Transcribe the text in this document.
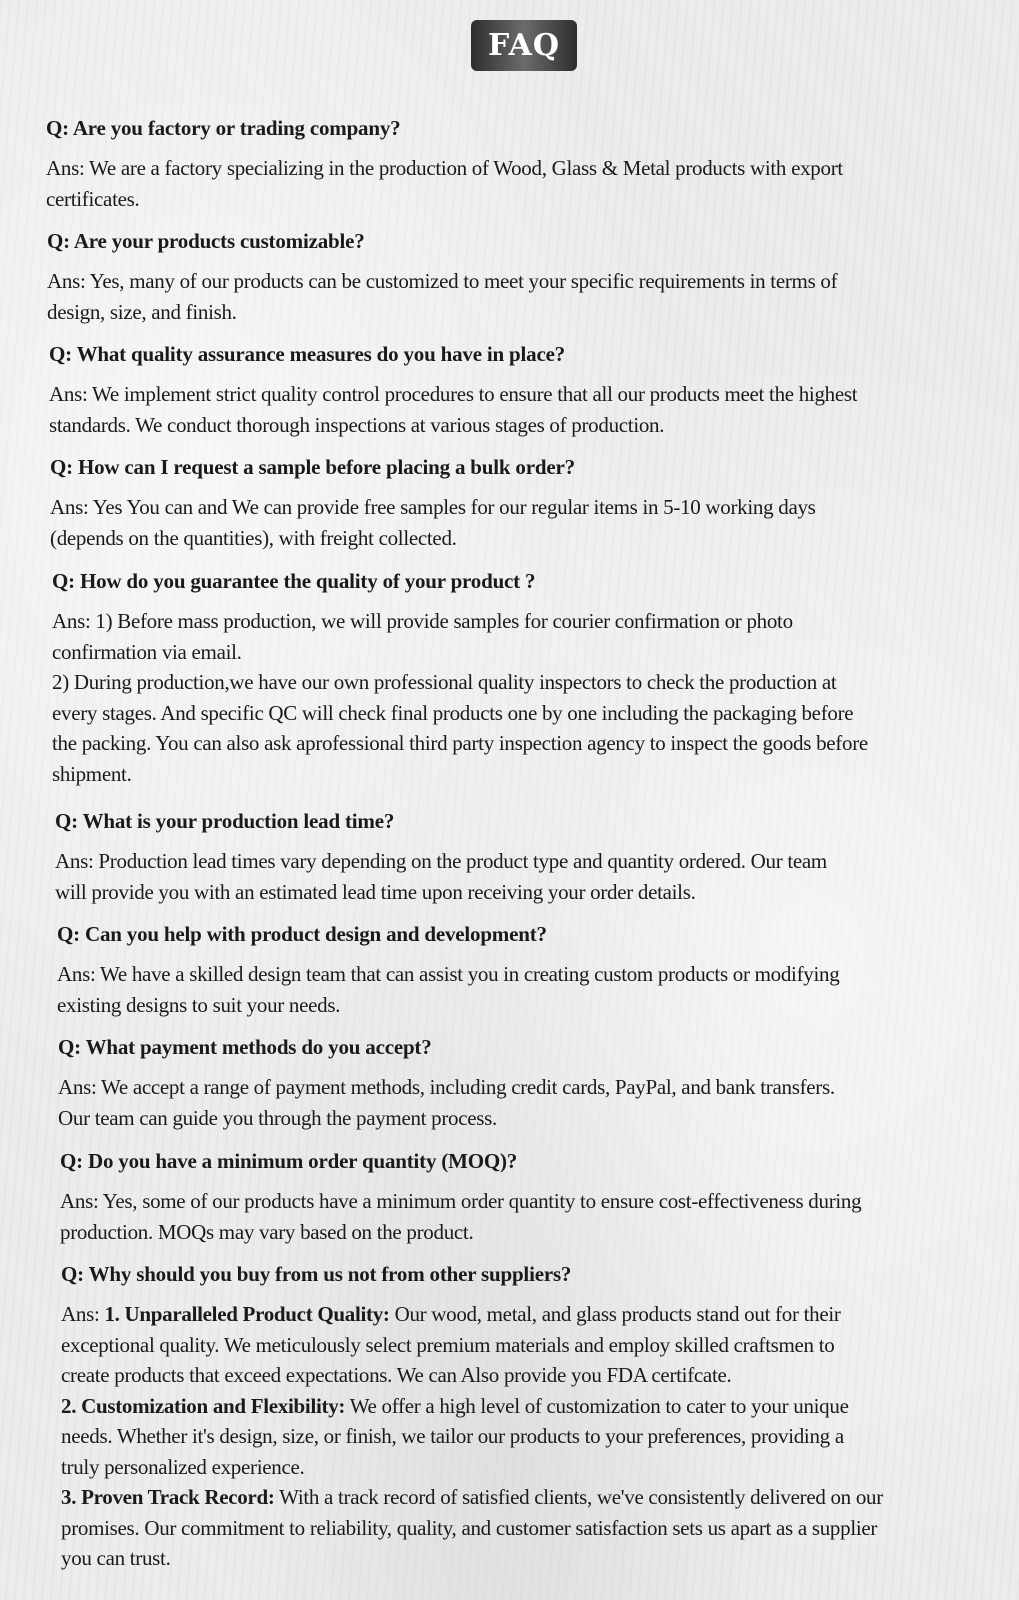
FAQ
Q: Are you factory or trading company?
Ans: We are a factory specializing in the production of Wood, Glass & Metal products with export
certificates.
Q: Are your products customizable?
Ans: Yes, many of our products can be customized to meet your specific requirements in terms of
design, size, and finish.
Q: What quality assurance measures do you have in place?
Ans: We implement strict quality control procedures to ensure that all our products meet the highest
standards. We conduct thorough inspections at various stages of production.
Q: How can I request a sample before placing a bulk order?
Ans: Yes You can and We can provide free samples for our regular items in 5-10 working days
(depends on the quantities), with freight collected.
Q: How do you guarantee the quality of your product ?
Ans: 1) Before mass production, we will provide samples for courier confirmation or photo
confirmation via email.
2) During production,we have our own professional quality inspectors to check the production at
every stages. And specific QC will check final products one by one including the packaging before
the packing. You can also ask aprofessional third party inspection agency to inspect the goods before
shipment.
Q: What is your production lead time?
Ans: Production lead times vary depending on the product type and quantity ordered. Our team
will provide you with an estimated lead time upon receiving your order details.
Q: Can you help with product design and development?
Ans: We have a skilled design team that can assist you in creating custom products or modifying
existing designs to suit your needs.
Q: What payment methods do you accept?
Ans: We accept a range of payment methods, including credit cards, PayPal, and bank transfers.
Our team can guide you through the payment process.
Q: Do you have a minimum order quantity (MOQ)?
Ans: Yes, some of our products have a minimum order quantity to ensure cost-effectiveness during
production. MOQs may vary based on the product.
Q: Why should you buy from us not from other suppliers?
Ans: 1. Unparalleled Product Quality: Our wood, metal, and glass products stand out for their
exceptional quality. We meticulously select premium materials and employ skilled craftsmen to
create products that exceed expectations. We can Also provide you FDA certifcate.
2. Customization and Flexibility: We offer a high level of customization to cater to your unique
needs. Whether it's design, size, or finish, we tailor our products to your preferences, providing a
truly personalized experience.
3. Proven Track Record: With a track record of satisfied clients, we've consistently delivered on our
promises. Our commitment to reliability, quality, and customer satisfaction sets us apart as a supplier
you can trust.
